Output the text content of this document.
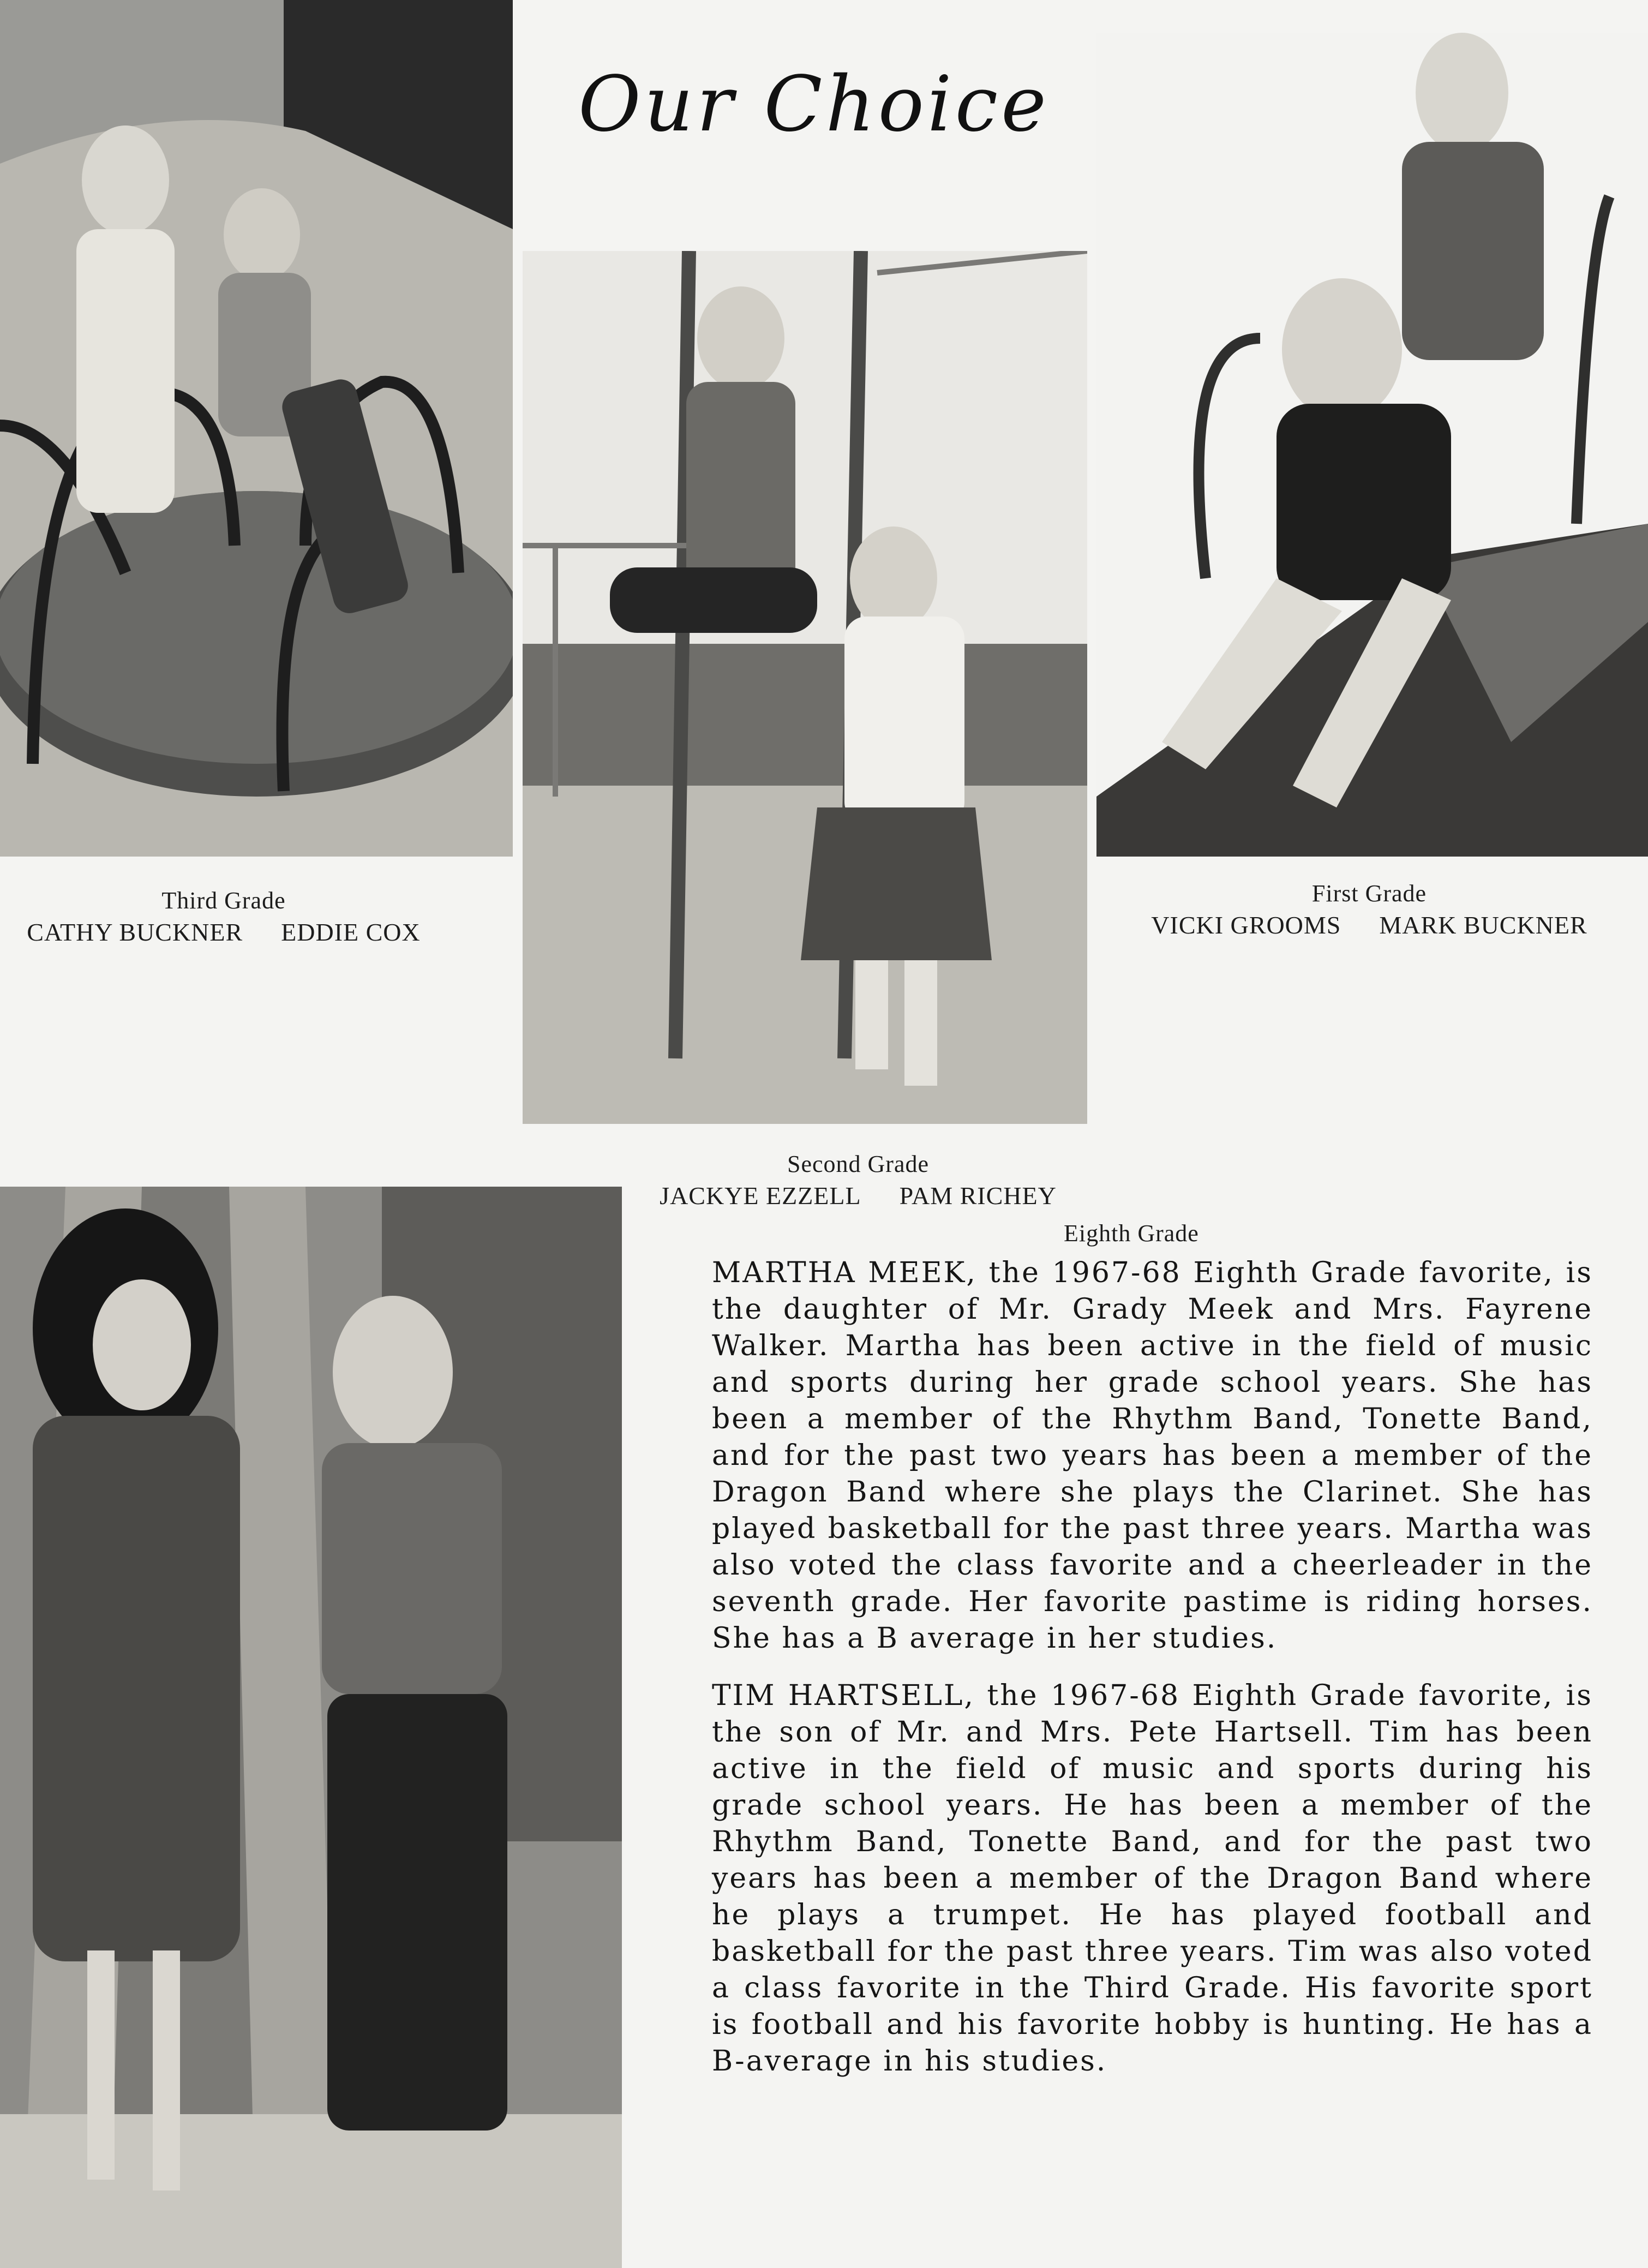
Our Choice
Third Grade
CATHY BUCKNER EDDIE COX
Second Grade
JACKYE EZZELL PAM RICHEY
First Grade
VICKI GROOMS MARK BUCKNER
Eighth Grade

MARTHA MEEK, the 1967-68 Eighth Grade favorite, is the daughter of Mr. Grady Meek and Mrs. Fayrene Walker. Martha has been active in the field of music and sports during her grade school years. She has been a member of the Rhythm Band, Tonette Band, and for the past two years has been a member of the Dragon Band where she plays the Clarinet. She has played basketball for the past three years. Martha was also voted the class favorite and a cheerleader in the seventh grade. Her favorite pastime is riding horses. She has a B average in her studies.

TIM HARTSELL, the 1967-68 Eighth Grade favorite, is the son of Mr. and Mrs. Pete Hartsell. Tim has been active in the field of music and sports during his grade school years. He has been a member of the Rhythm Band, Tonette Band, and for the past two years has been a member of the Dragon Band where he plays a trumpet. He has played football and basketball for the past three years. Tim was also voted a class favorite in the Third Grade. His favorite sport is football and his favorite hobby is hunting. He has a B-average in his studies.
